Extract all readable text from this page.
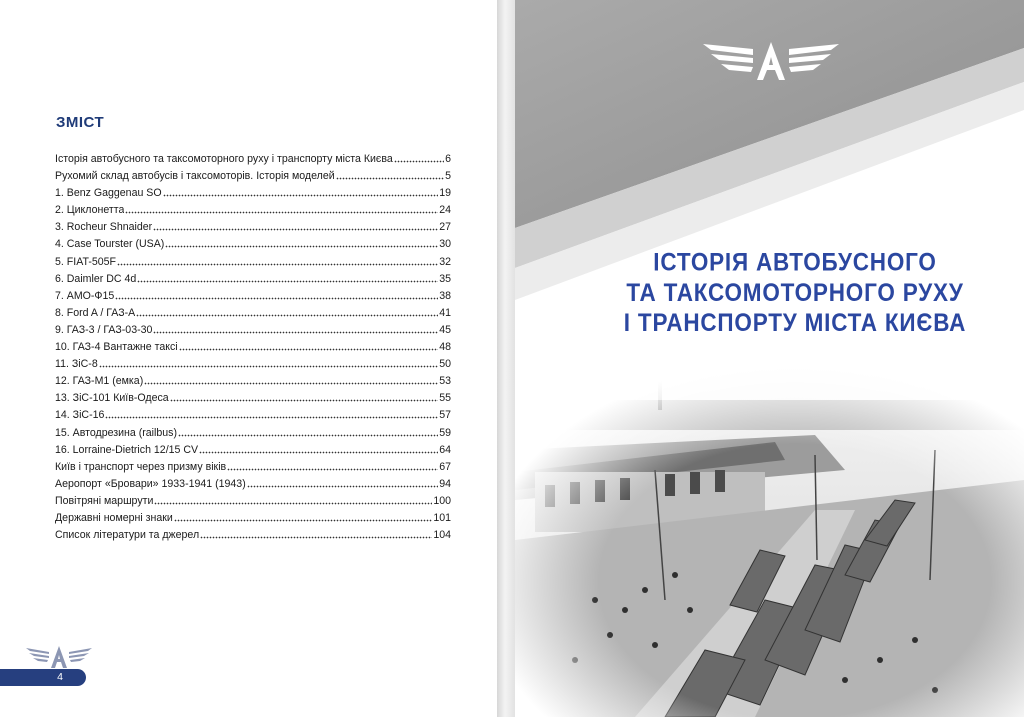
ЗМІСТ
Історія автобусного та таксомоторного руху і транспорту міста Києва	6
Рухомий склад автобусів і таксомоторів. Історія моделей	5
1. Benz Gaggenau SO	19
2. Циклонетта	24
3. Rocheur Shnaider	27
4. Case Tourster (USA)	30
5. FIAT-505F	32
6. Daimler DC 4d	35
7. АМО-Ф15	38
8. Ford A / ГАЗ-А	41
9. ГАЗ-3 / ГАЗ-03-30	45
10. ГАЗ-4 Вантажне таксі	48
11. ЗіС-8	50
12. ГАЗ-М1 (емка)	53
13. ЗіС-101 Київ-Одеса	55
14. ЗіС-16	57
15. Автодрезина (railbus)	59
16. Lorraine-Dietrich 12/15 CV	64
Київ і транспорт через призму віків	67
Аеропорт «Бровари» 1933-1941 (1943)	94
Повітряні маршрути	100
Державні номерні знаки	101
Список літератури та джерел	104
4
ІСТОРІЯ АВТОБУСНОГО
ТА ТАКСОМОТОРНОГО РУХУ
І ТРАНСПОРТУ МІСТА КИЄВА
